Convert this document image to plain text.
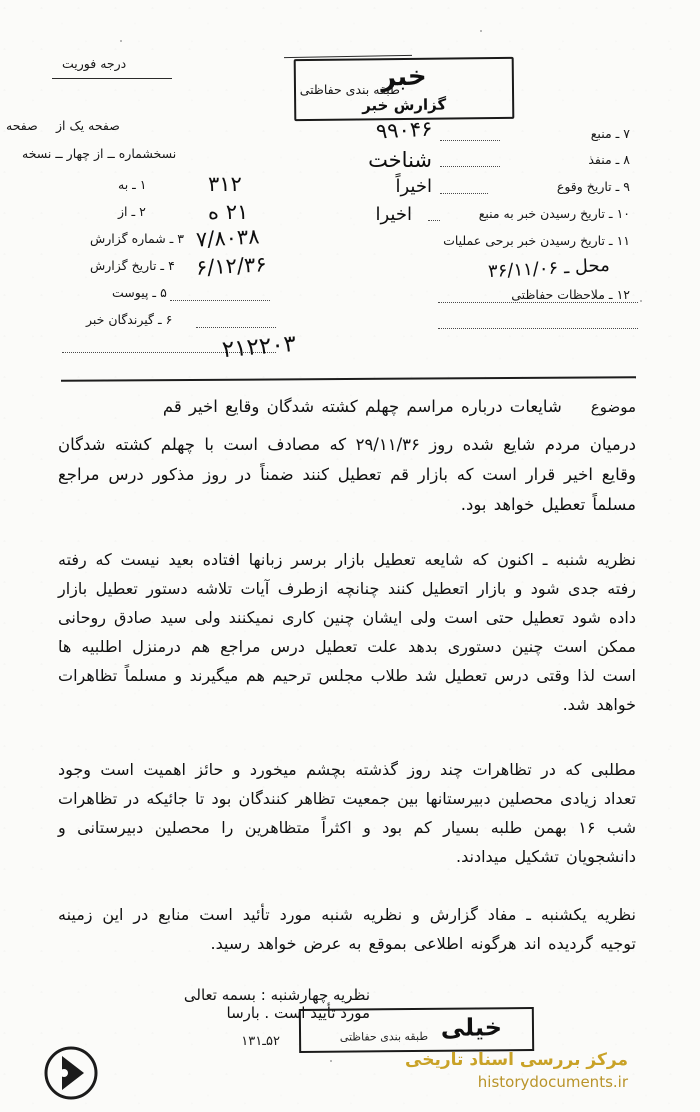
خبر
گزارش خبر
درجه فوریت
طبقه بندی حفاظتی
۷ ـ منبع
۸ ـ منفذ
۹ ـ تاریخ وقوع
۱۰ ـ تاریخ رسیدن خبر به منبع
۱۱ ـ تاریخ رسیدن خبر برحی عملیات
۱۲ ـ ملاحظات حفاظتی
۹۹۰۴۶
شناخت
اخیراً
اخیرا
محل ـ ۳۶/۱۱/۰۶
صفحه یک از
صفحه
نسخشماره ــ از چهار ــ نسخه
۱ ـ به
۲ ـ از
۳ ـ شماره گزارش
۴ ـ تاریخ گزارش
۵ ـ پیوست
۶ ـ گیرندگان خبر
۳۱۲
۲۱ ه
۷/۸۰۳۸
۶/۱۲/۳۶
۲۱۲۲۰۳
موضوع    شایعات درباره مراسم چهلم کشته شدگان وقایع اخیر قم
درمیان مردم شایع شده روز ۲۹/۱۱/۳۶ که مصادف است با چهلم کشته شدگان وقایع اخیر قرار است که بازار قم تعطیل کنند ضمناً در روز مذکور درس مراجع مسلماً تعطیل خواهد بود.
نظریه شنبه ـ اکنون که شایعه تعطیل بازار برسر زبانها افتاده بعید نیست که رفته رفته جدی شود و بازار اتعطیل کنند چنانچه ازطرف آیات تلاشه دستور تعطیل بازار داده شود تعطیل حتی است ولی ایشان چنین کاری نمیکنند ولی سید صادق روحانی ممکن است چنین دستوری بدهد علت تعطیل درس مراجع هم درمنزل اطلبیه ها است لذا وقتی درس تعطیل شد طلاب مجلس ترحیم هم میگیرند و مسلماً تظاهرات خواهد شد.
مطلبی که در تظاهرات چند روز گذشته بچشم میخورد و حائز اهمیت است وجود تعداد زیادی محصلین دبیرستانها بین جمعیت تظاهر کنندگان بود تا جائیکه در تظاهرات شب ۱۶ بهمن طلبه بسیار کم بود و اکثراً متظاهرین را محصلین دبیرستانی و دانشجویان تشکیل میدادند.
نظریه یکشنبه ـ مفاد گزارش و نظریه شنبه مورد تأئید است منابع در این زمینه توجیه گردیده اند هرگونه اطلاعی بموقع به عرض خواهد رسید.
نظریه چهارشنبه : بسمه تعالی مورد تأیید است . بارسا
خیلی
طبقه بندی حفاظتی
۵۲ـ۱۳۱
مرکز بررسی اسناد تاریخی
historydocuments.ir
